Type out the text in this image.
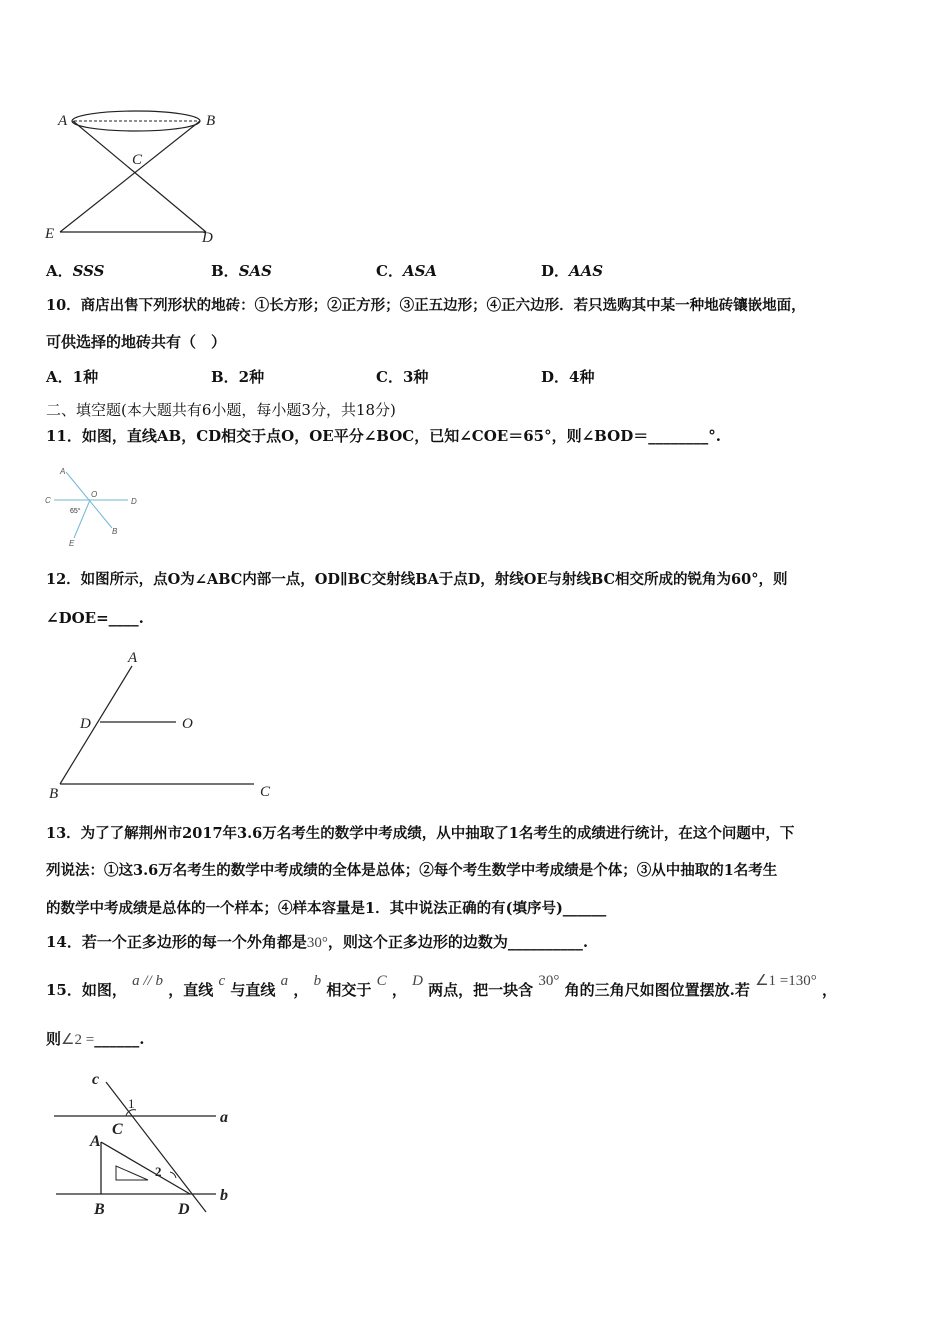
A	B
C
E	D
A．SSS	B．SAS	C．ASA	D．AAS
10．商店出售下列形状的地砖：①长方形；②正方形；③正五边形；④正六边形．若只选购其中某一种地砖镶嵌地面，
可供选择的地砖共有（　）
A．1种	B．2种	C．3种	D．4种
二、填空题(本大题共有6小题，每小题3分，共18分)
11．如图，直线AB，CD相交于点O，OE平分∠BOC，已知∠COE＝65°，则∠BOD＝________°.
A
C
O
D
65°
B
E
12．如图所示，点O为∠ABC内部一点，OD∥BC交射线BA于点D，射线OE与射线BC相交所成的锐角为60°，则
∠DOE=____.
A
D	O
B	C
13．为了了解荆州市2017年3.6万名考生的数学中考成绩，从中抽取了1名考生的成绩进行统计，在这个问题中，下
列说法：①这3.6万名考生的数学中考成绩的全体是总体；②每个考生数学中考成绩是个体；③从中抽取的1名考生
的数学中考成绩是总体的一个样本；④样本容量是1．其中说法正确的有(填序号)______
14．若一个正多边形的每一个外角都是30°，则这个正多边形的边数为__________.
15．如图， a // b ，直线 c 与直线 a ， b 相交于 C ， D 两点，把一块含 30° 角的三角尺如图位置摆放.若 ∠1 =130° ，
则∠2 =______.
c
1
a
C
A
2
B	D
b
